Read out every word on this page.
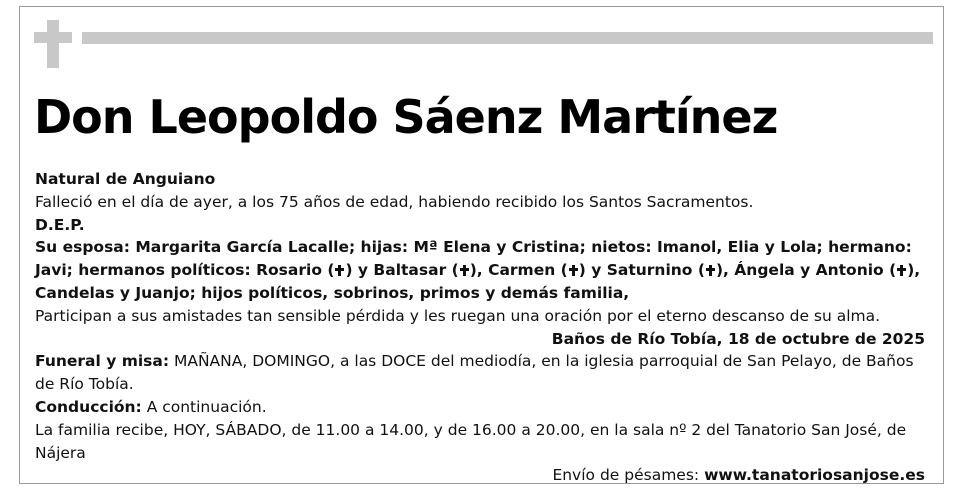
Don Leopoldo Sáenz Martínez

Natural de Anguiano

Falleció en el día de ayer, a los 75 años de edad, habiendo recibido los Santos Sacramentos.

D.E.P.

Su esposa: Margarita García Lacalle; hijas: Mª Elena y Cristina; nietos: Imanol, Elia y Lola; hermano: Javi; hermanos políticos: Rosario ( ) y Baltasar ( ), Carmen ( ) y Saturnino ( ), Ángela y Antonio ( ), Candelas y Juanjo; hijos políticos, sobrinos, primos y demás familia,

Participan a sus amistades tan sensible pérdida y les ruegan una oración por el eterno descanso de su alma.

Baños de Río Tobía, 18 de octubre de 2025

Funeral y misa: MAÑANA, DOMINGO, a las DOCE del mediodía, en la iglesia parroquial de San Pelayo, de Baños de Río Tobía.

Conducción: A continuación.

La familia recibe, HOY, SÁBADO, de 11.00 a 14.00, y de 16.00 a 20.00, en la sala nº 2 del Tanatorio San José, de Nájera

Envío de pésames: www.tanatoriosanjose.es
